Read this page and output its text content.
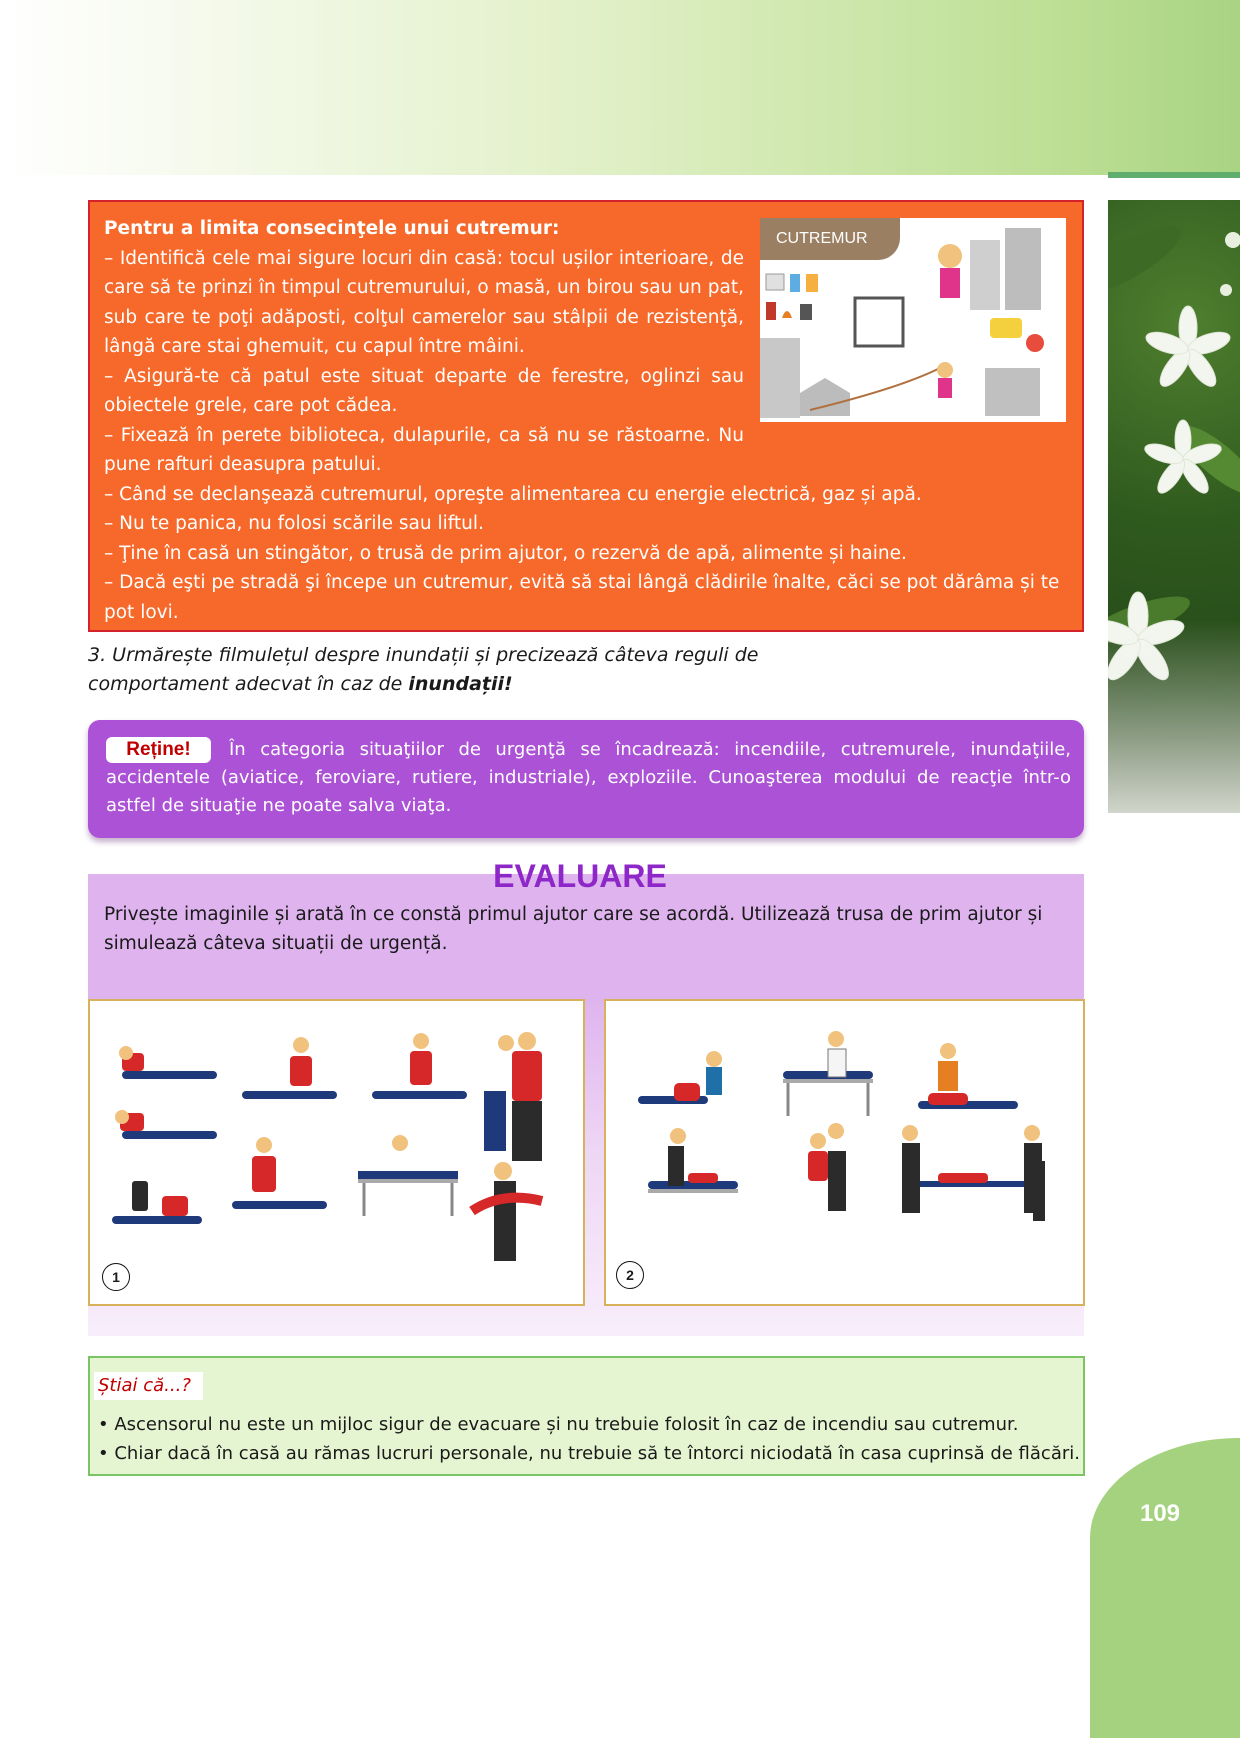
Pentru a limita consecinţele unui cutremur:
– Identifică cele mai sigure locuri din casă: tocul ușilor interioare, de
care să te prinzi în timpul cutremurului, o masă, un birou sau un pat,
sub care te poţi adăposti, colţul camerelor sau stâlpii de rezistenţă,
lângă care stai ghemuit, cu capul între mâini.
– Asigură-te că patul este situat departe de ferestre, oglinzi sau
obiectele grele, care pot cădea.
– Fixează în perete biblioteca, dulapurile, ca să nu se răstoarne. Nu
pune rafturi deasupra patului.
– Când se declanşează cutremurul, opreşte alimentarea cu energie electrică, gaz și apă.
– Nu te panica, nu folosi scările sau liftul.
– Ţine în casă un stingător, o trusă de prim ajutor, o rezervă de apă, alimente și haine.
– Dacă eşti pe stradă şi începe un cutremur, evită să stai lângă clădirile înalte, căci se pot dărâma și te
pot lovi.
CUTREMUR
3. Urmărește filmulețul despre inundații și precizează câteva reguli de comportament adecvat în caz de inundații!
Reține!	În categoria situaţiilor de urgenţă se încadrează: incendiile, cutremurele, inundaţiile, accidentele (aviatice, feroviare, rutiere, industriale), exploziile. Cunoaşterea modului de reacţie într-o astfel de situaţie ne poate salva viaţa.
EVALUARE
Privește imaginile și arată în ce constă primul ajutor care se acordă. Utilizează trusa de prim ajutor și simulează câteva situații de urgență.
1	2
Știai că...?
• Ascensorul nu este un mijloc sigur de evacuare și nu trebuie folosit în caz de incendiu sau cutremur.
• Chiar dacă în casă au rămas lucruri personale, nu trebuie să te întorci niciodată în casa cuprinsă de flăcări.
109
